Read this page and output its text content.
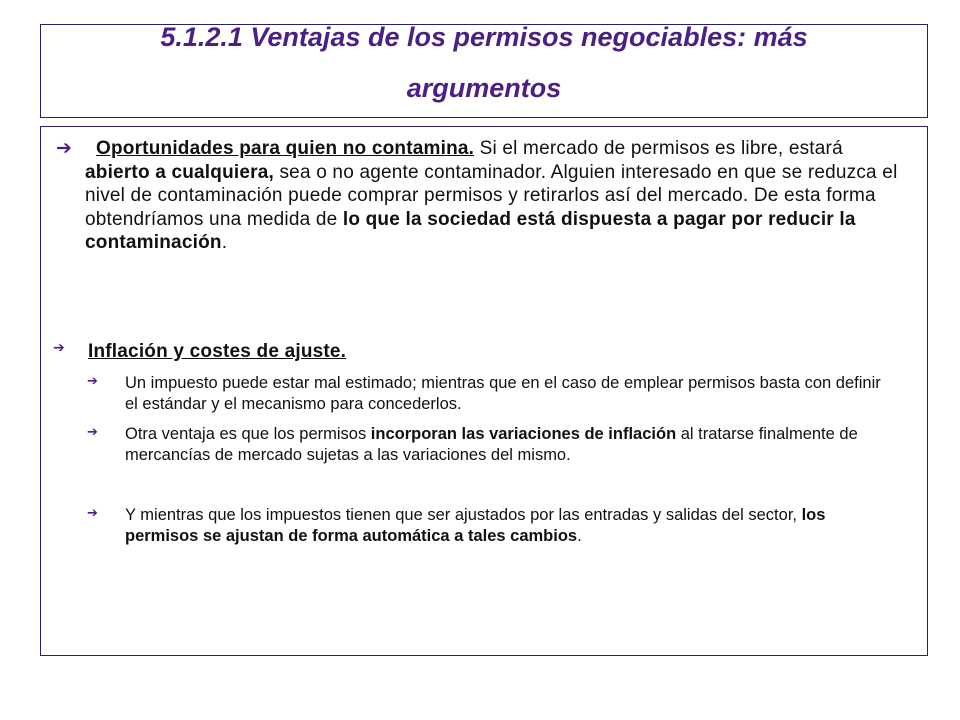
5.1.2.1 Ventajas de los permisos negociables: más
argumentos
➔	Oportunidades para quien no contamina. Si el mercado de permisos es libre, estará abierto a cualquiera, sea o no agente contaminador. Alguien interesado en que se reduzca el nivel de contaminación puede comprar permisos y retirarlos así del mercado. De esta forma obtendríamos una medida de lo que la sociedad está dispuesta a pagar por reducir la contaminación.
➔ Inflación y costes de ajuste.
➔ Un impuesto puede estar mal estimado; mientras que en el caso de emplear permisos basta con definir el estándar y el mecanismo para concederlos.
➔ Otra ventaja es que los permisos incorporan las variaciones de inflación al tratarse finalmente de mercancías de mercado sujetas a las variaciones del mismo.
➔ Y mientras que los impuestos tienen que ser ajustados por las entradas y salidas del sector, los permisos se ajustan de forma automática a tales cambios.
